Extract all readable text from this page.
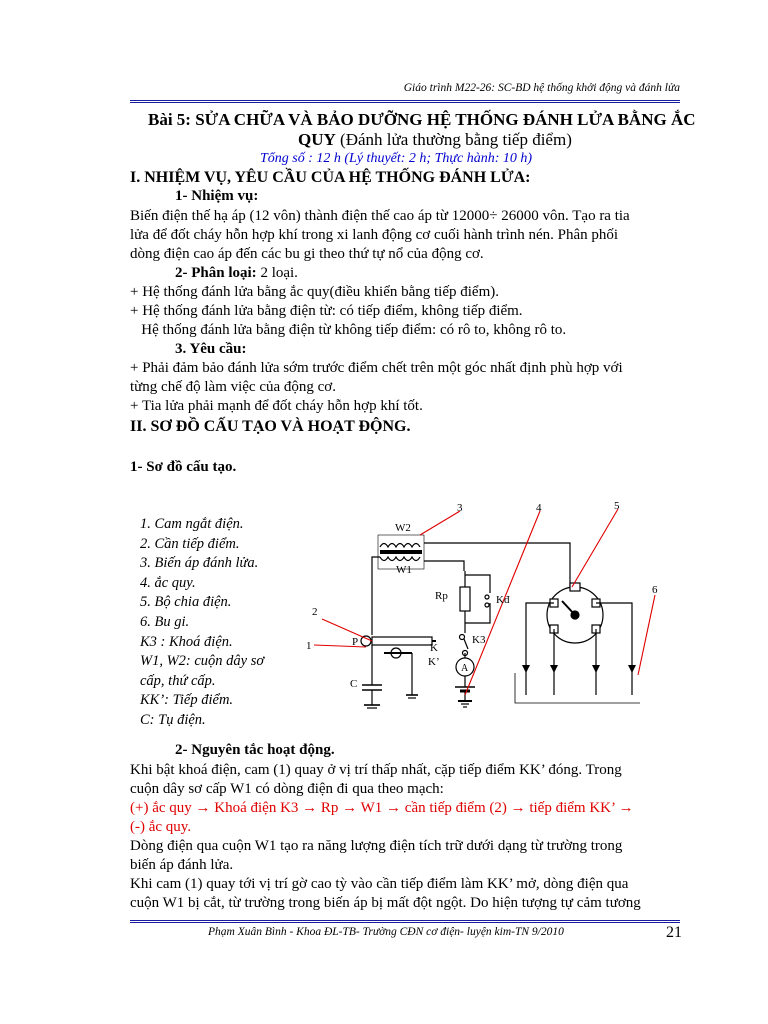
Giáo trình M22-26: SC-BD hệ thống khởi động và đánh lửa
Bài 5: SỬA CHỮA VÀ BẢO DƯỠNG HỆ THỐNG ĐÁNH LỬA BẰNG ẮC
QUY (Đánh lửa thường bằng tiếp điểm)
Tổng số : 12 h (Lý thuyết: 2 h; Thực hành: 10 h)
I. NHIỆM VỤ, YÊU CẦU CỦA HỆ THỐNG ĐÁNH LỬA:
1- Nhiệm vụ:
Biến điện thế hạ áp (12 vôn) thành điện thế cao áp từ 12000÷ 26000 vôn. Tạo ra tia
lửa để đốt cháy hỗn hợp khí trong xi lanh động cơ cuối hành trình nén. Phân phối
dòng điện cao áp đến các bu gi theo thứ tự nổ của động cơ.
2- Phân loại: 2 loại.
+ Hệ thống đánh lửa bằng ắc quy(điều khiển bằng tiếp điểm).
+ Hệ thống đánh lửa bằng điện từ: có tiếp điểm, không tiếp điểm.
Hệ thống đánh lửa bằng điện từ không tiếp điểm: có rô to, không rô to.
3. Yêu cầu:
+ Phải đảm bảo đánh lửa sớm trước điểm chết trên một góc nhất định phù hợp với
từng chế độ làm việc của động cơ.
+ Tia lửa phải mạnh để đốt cháy hỗn hợp khí tốt.
II. SƠ ĐỒ CẤU TẠO VÀ HOẠT ĐỘNG.
1- Sơ đồ cấu tạo.
1. Cam ngắt điện.
2. Cần tiếp điểm.
3. Biến áp đánh lửa.
4. ắc quy.
5. Bộ chia điện.
6. Bu gi.
K3 : Khoá điện.
W1, W2: cuộn dây sơ
cấp, thứ cấp.
KK’: Tiếp điểm.
C: Tụ điện.
W2
W1
Rp	Kđ
K3
A
P	K
K’
C
3	4	5
6
2
1
2- Nguyên tắc hoạt động.
Khi bật khoá điện, cam (1) quay ở vị trí thấp nhất, cặp tiếp điểm KK’ đóng. Trong
cuộn dây sơ cấp W1 có dòng điện đi qua theo mạch:
(+) ắc quy → Khoá điện K3 → Rp → W1 → cần tiếp điểm (2) → tiếp điểm KK’ →
(-) ắc quy.
Dòng điện qua cuộn W1 tạo ra năng lượng điện tích trữ dưới dạng từ trường trong
biến áp đánh lửa.
Khi cam (1) quay tới vị trí gờ cao tỳ vào cần tiếp điểm làm KK’ mở, dòng điện qua
cuộn W1 bị cắt, từ trường trong biến áp bị mất đột ngột. Do hiện tượng tự cảm tương
Phạm Xuân Bình - Khoa ĐL-TB- Trường CĐN cơ điện- luyện kim-TN 9/2010	21
